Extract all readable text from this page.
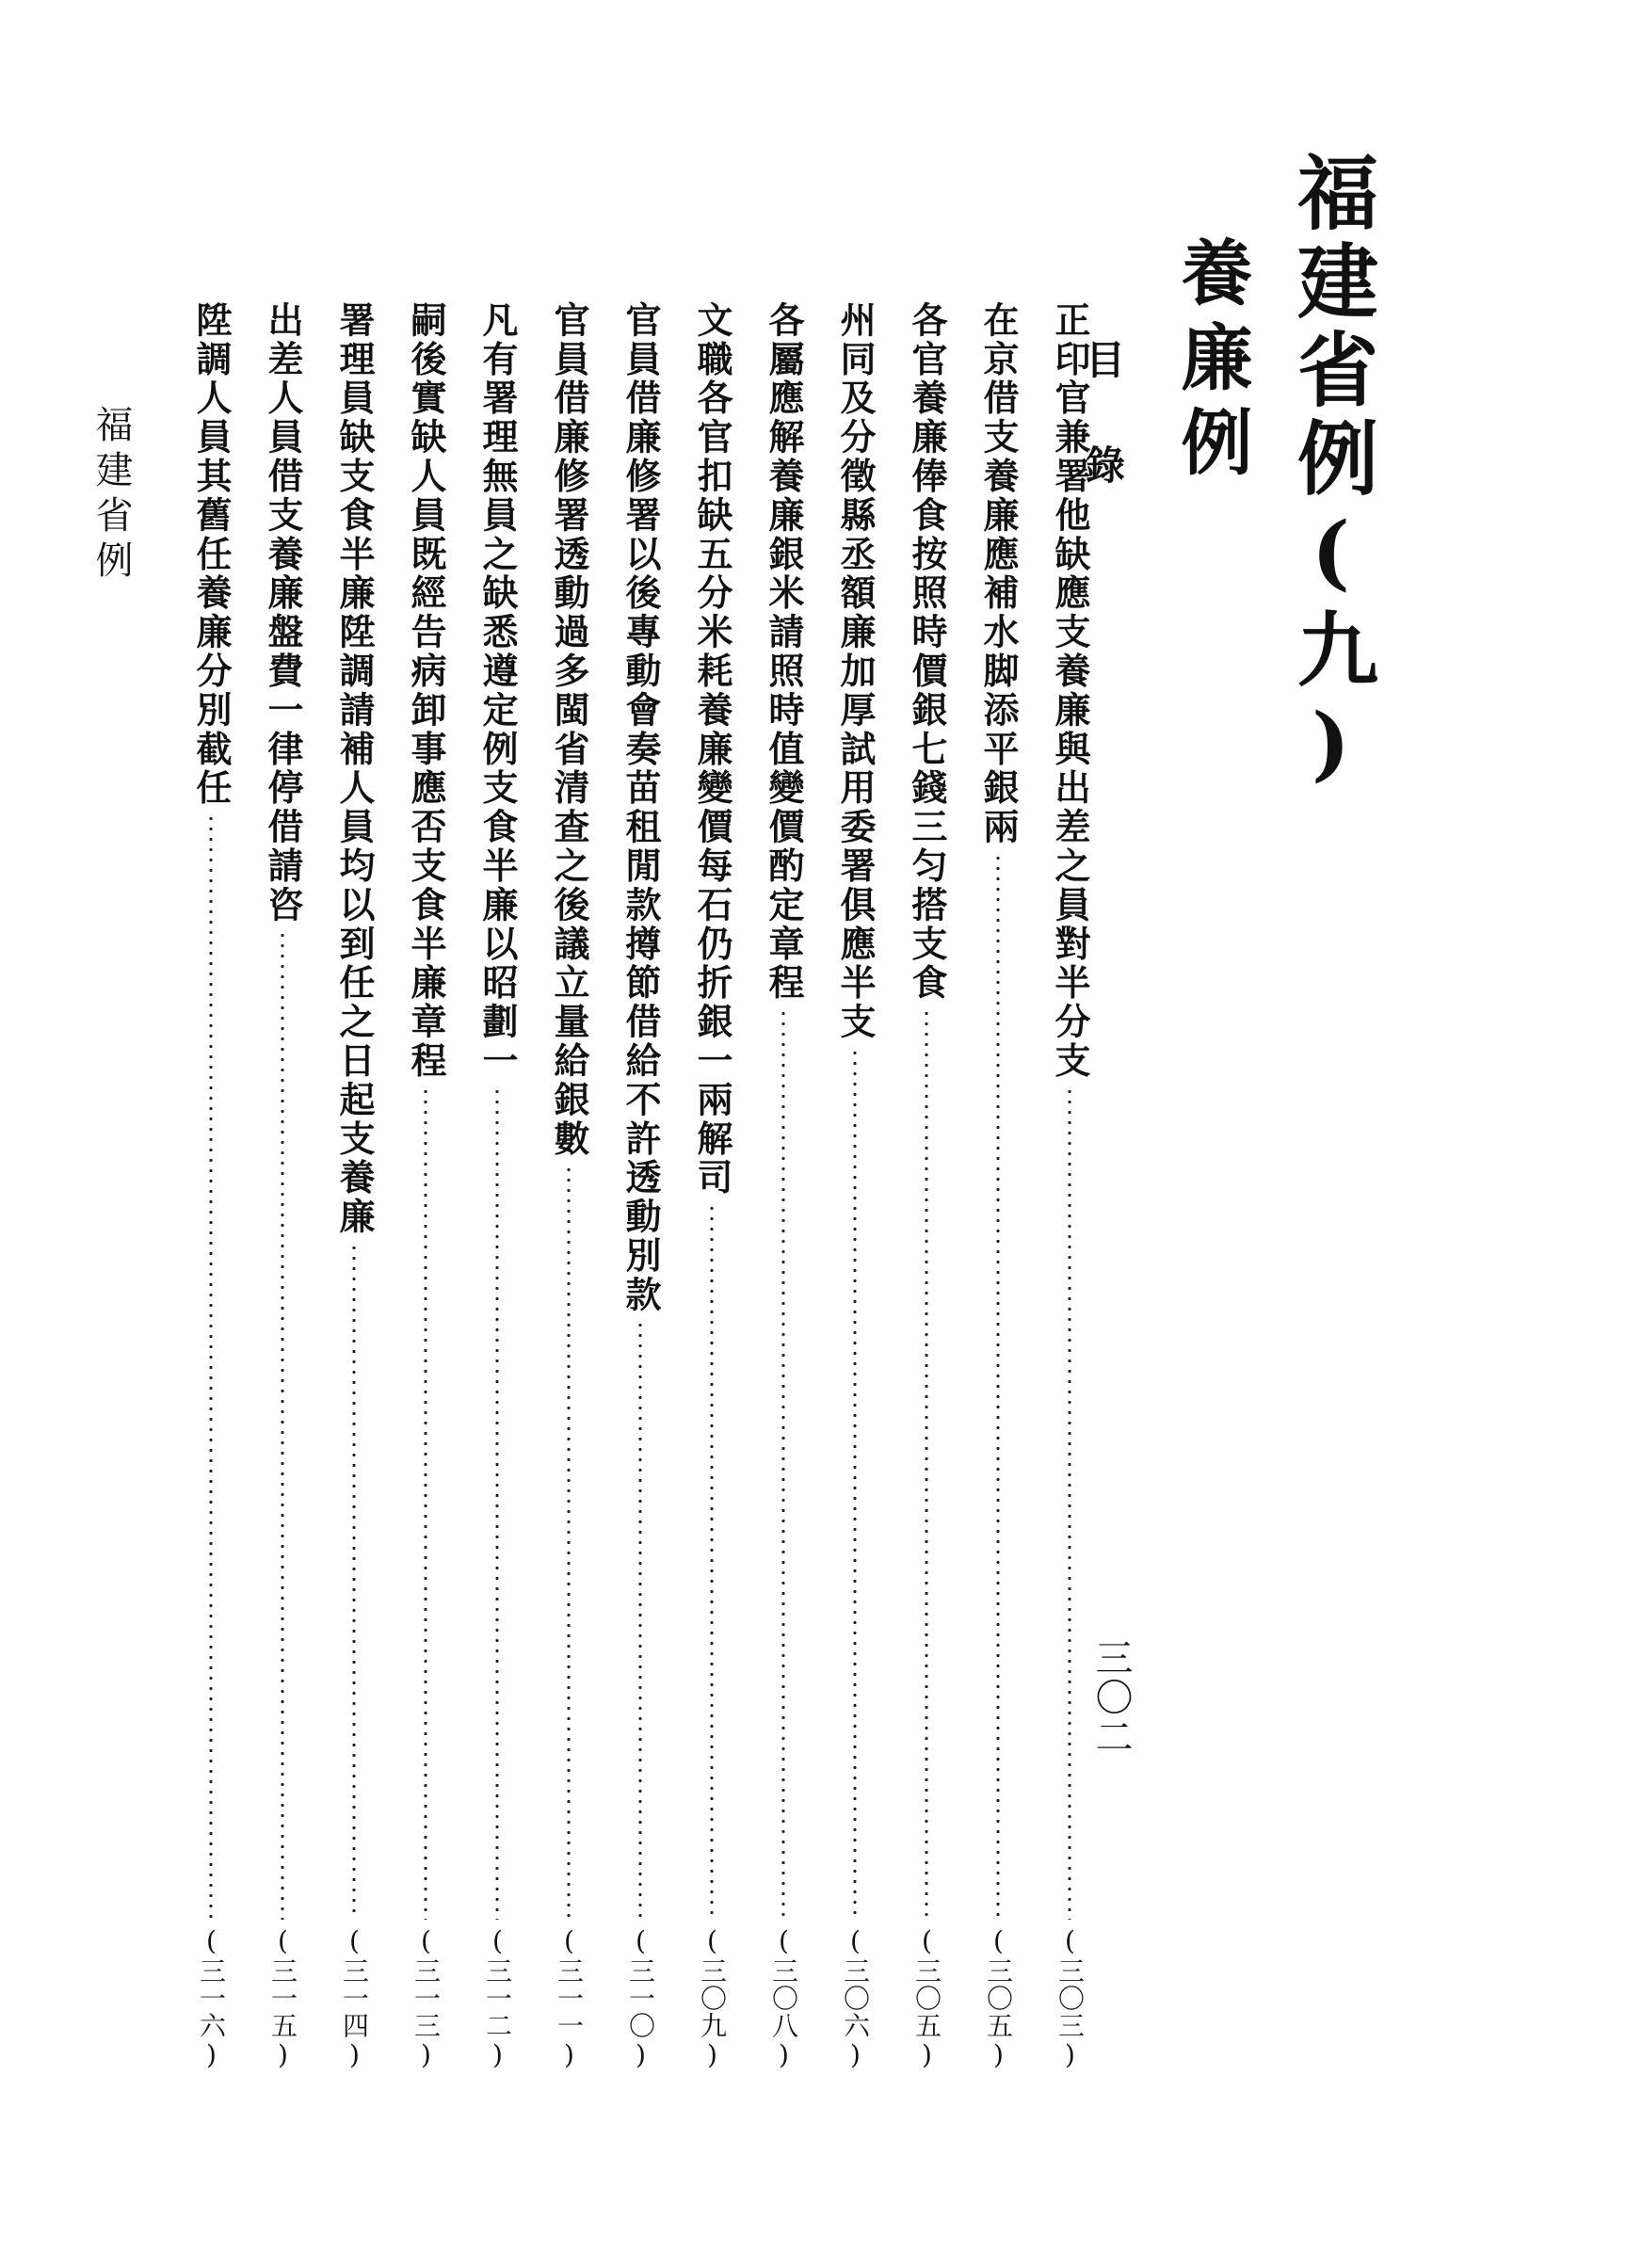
福建省例(九)
養廉例
目錄
正印官兼署他缺應支養廉與出差之員對半分支
(三〇三)
在京借支養廉應補水脚添平銀兩
(三〇五)
各官養廉俸食按照時價銀七錢三匀搭支食
(三〇五)
州同及分徵縣丞額廉加厚試用委署俱應半支
(三〇六)
各屬應解養廉銀米請照時值變價酌定章程
(三〇八)
文職各官扣缺五分米耗養廉變價每石仍折銀一兩解司
(三〇九)
官員借廉修署以後專動會奏苗租閒款撙節借給不許透動別款
(三一〇)
官員借廉修署透動過多閩省清查之後議立量給銀數
(三一一)
凡有署理無員之缺悉遵定例支食半廉以昭劃一
(三一二)
嗣後實缺人員既經告病卸事應否支食半廉章程
(三一三)
署理員缺支食半廉陞調請補人員均以到任之日起支養廉
(三一四)
出差人員借支養廉盤費一律停借請咨
(三一五)
陞調人員其舊任養廉分別截任
(三一六)
福建省例
三〇二
